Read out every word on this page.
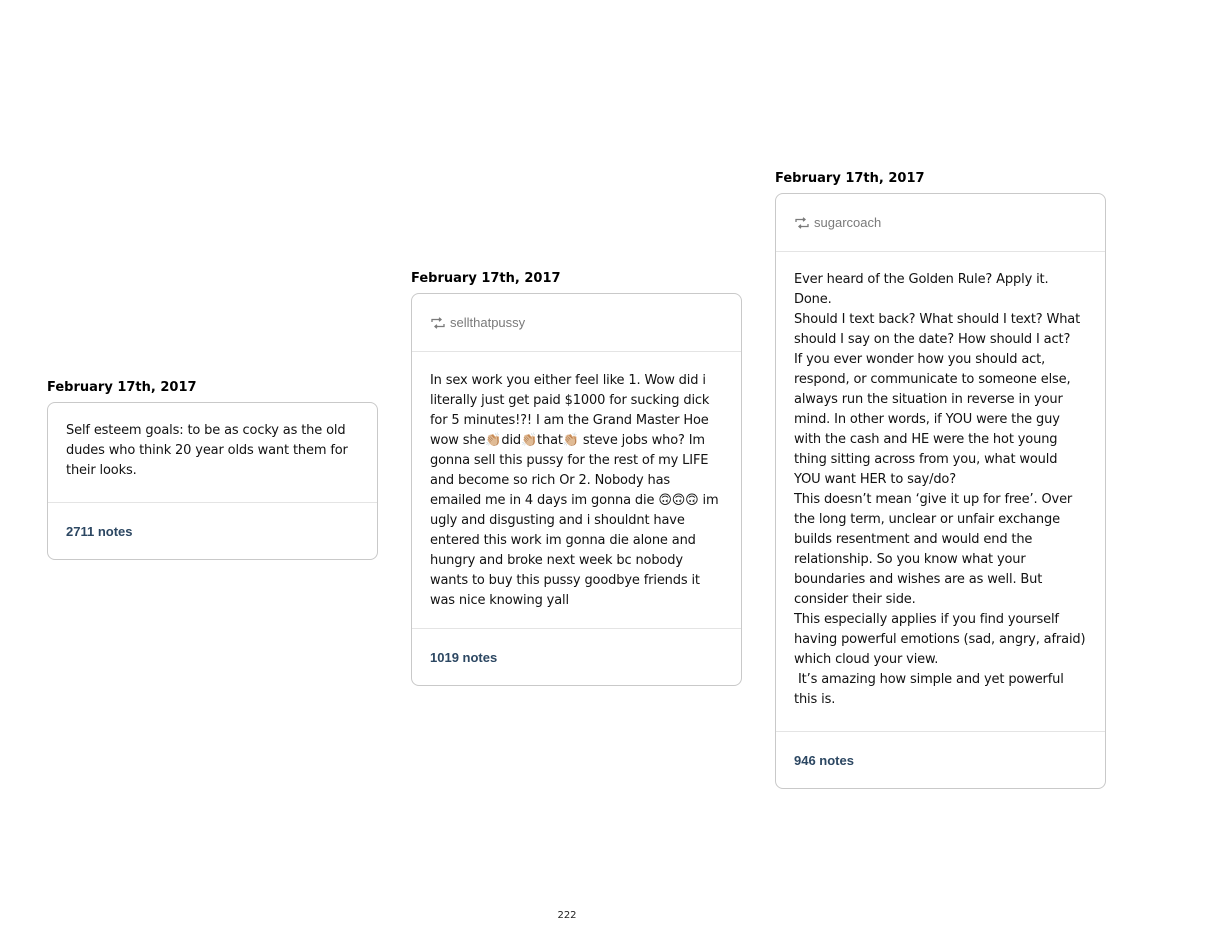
February 17th, 2017

Self esteem goals: to be as cocky as the old dudes who think 20 year olds want them for their looks.

2711 notes
February 17th, 2017
sellthatpussy

In sex work you either feel like 1. Wow did i literally just get paid $1000 for sucking dick for 5 minutes!?! I am the Grand Master Hoe wow she👏🏼did👏🏼that👏🏼 steve jobs who? Im gonna sell this pussy for the rest of my LIFE and become so rich Or 2. Nobody has emailed me in 4 days im gonna die 🙃🙃🙃 im ugly and disgusting and i shouldnt have entered this work im gonna die alone and hungry and broke next week bc nobody wants to buy this pussy goodbye friends it was nice knowing yall

1019 notes
February 17th, 2017
sugarcoach

Ever heard of the Golden Rule? Apply it.

Done.

Should I text back? What should I text? What should I say on the date? How should I act?

If you ever wonder how you should act, respond, or communicate to someone else, always run the situation in reverse in your mind. In other words, if YOU were the guy with the cash and HE were the hot young thing sitting across from you, what would YOU want HER to say/do?

This doesn’t mean ‘give it up for free’. Over the long term, unclear or unfair exchange builds resentment and would end the relationship. So you know what your boundaries and wishes are as well. But consider their side.

This especially applies if you find yourself having powerful emotions (sad, angry, afraid) which cloud your view.

It’s amazing how simple and yet powerful this is.

946 notes
222
